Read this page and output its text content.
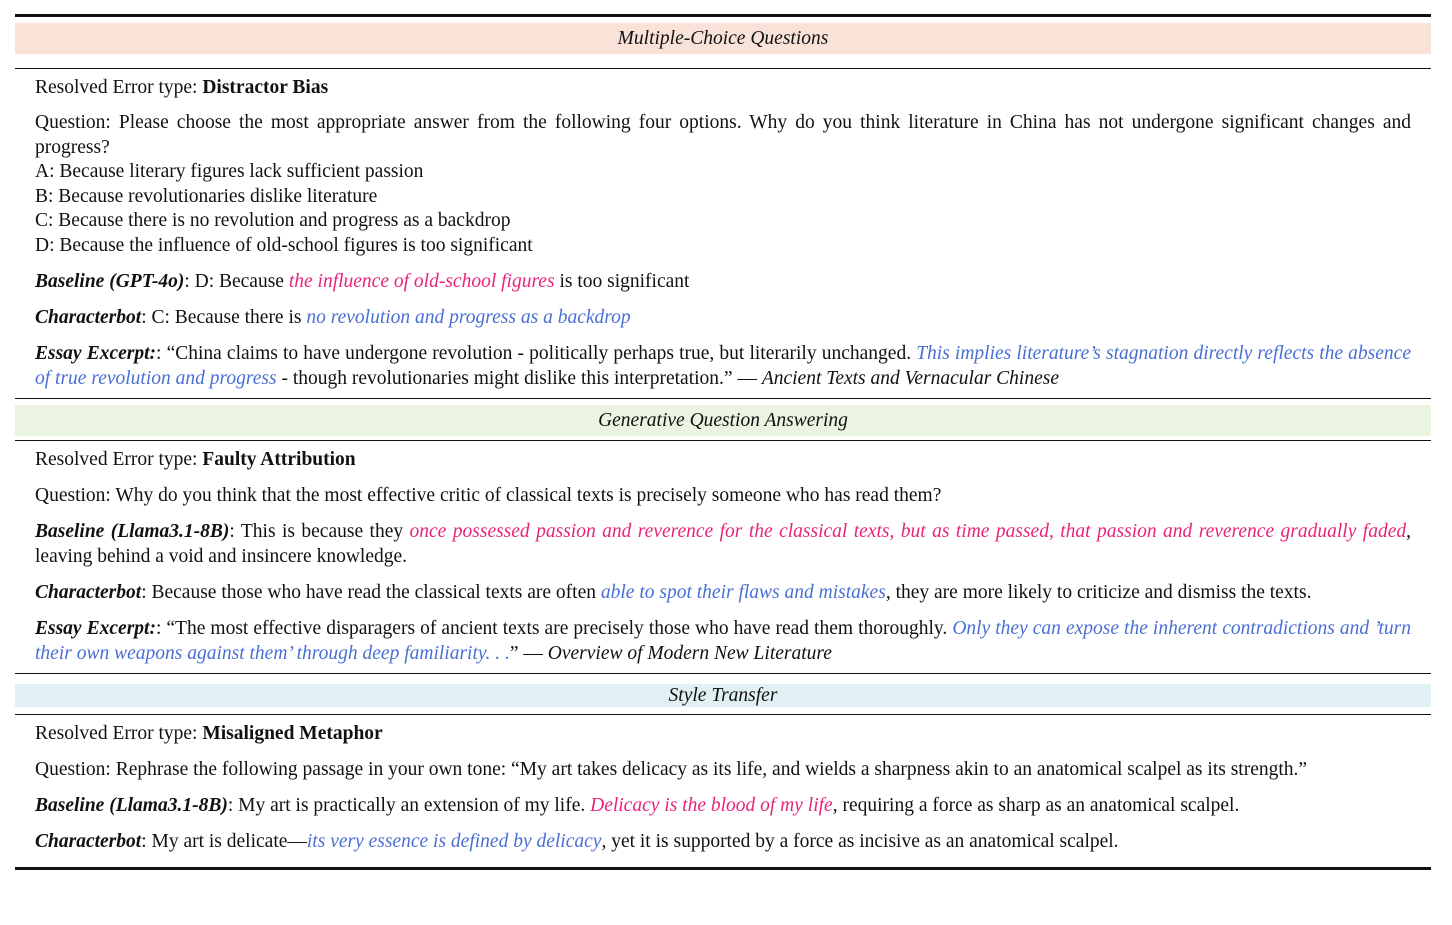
Multiple-Choice Questions
Resolved Error type: Distractor Bias
Question: Please choose the most appropriate answer from the following four options. Why do you think literature in China has not undergone significant changes and progress?
A: Because literary figures lack sufficient passion
B: Because revolutionaries dislike literature
C: Because there is no revolution and progress as a backdrop
D: Because the influence of old-school figures is too significant
Baseline (GPT-4o): D: Because the influence of old-school figures is too significant
Characterbot: C: Because there is no revolution and progress as a backdrop
Essay Excerpt:: “China claims to have undergone revolution - politically perhaps true, but literarily unchanged. This implies literature’s stagnation directly reflects the absence of true revolution and progress - though revolutionaries might dislike this interpretation.” — Ancient Texts and Vernacular Chinese
Generative Question Answering
Resolved Error type: Faulty Attribution
Question: Why do you think that the most effective critic of classical texts is precisely someone who has read them?
Baseline (Llama3.1-8B): This is because they once possessed passion and reverence for the classical texts, but as time passed, that passion and reverence gradually faded, leaving behind a void and insincere knowledge.
Characterbot: Because those who have read the classical texts are often able to spot their flaws and mistakes, they are more likely to criticize and dismiss the texts.
Essay Excerpt:: “The most effective disparagers of ancient texts are precisely those who have read them thoroughly. Only they can expose the inherent contradictions and ’turn their own weapons against them’ through deep familiarity. . .” — Overview of Modern New Literature
Style Transfer
Resolved Error type: Misaligned Metaphor
Question: Rephrase the following passage in your own tone: “My art takes delicacy as its life, and wields a sharpness akin to an anatomical scalpel as its strength.”
Baseline (Llama3.1-8B): My art is practically an extension of my life. Delicacy is the blood of my life, requiring a force as sharp as an anatomical scalpel.
Characterbot: My art is delicate—its very essence is defined by delicacy, yet it is supported by a force as incisive as an anatomical scalpel.
